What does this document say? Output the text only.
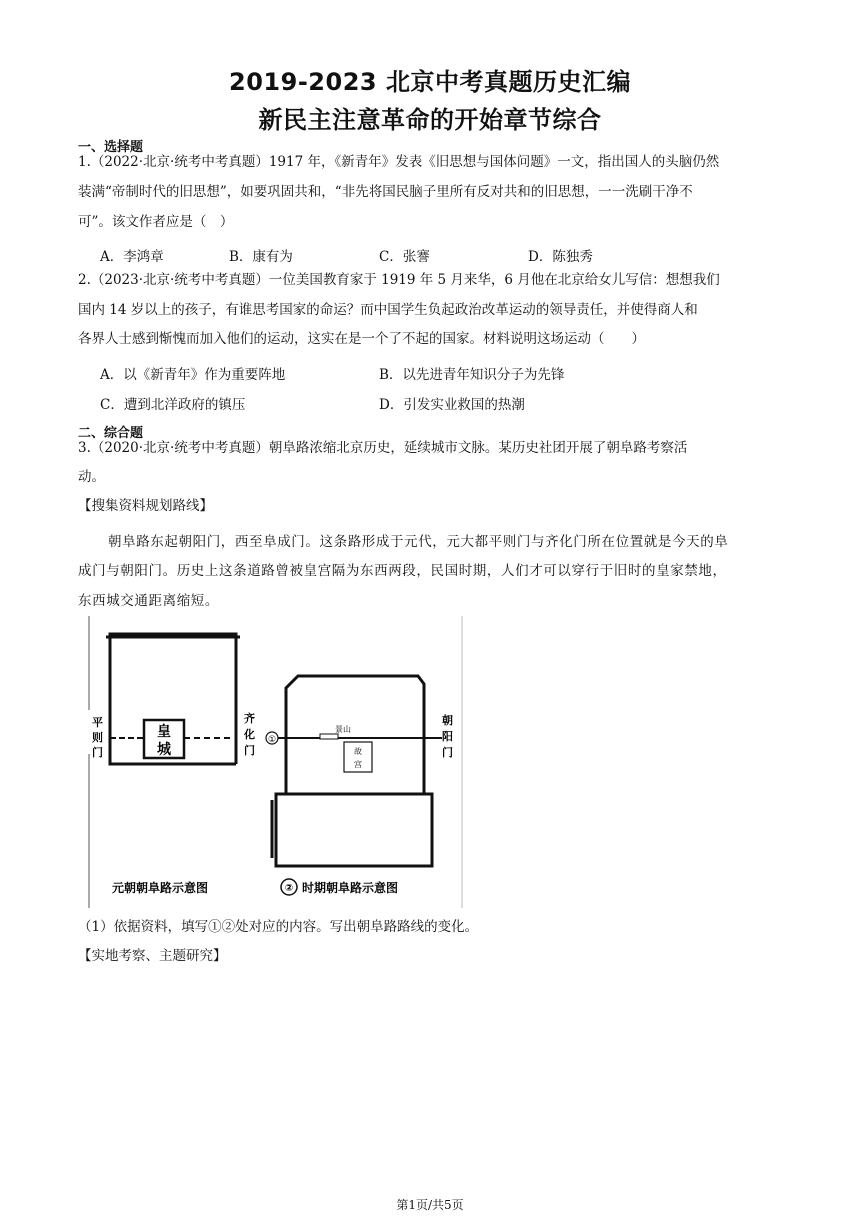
2019-2023 北京中考真题历史汇编
新民主注意革命的开始章节综合
一、选择题
1.（2022·北京·统考中考真题）1917 年，《新青年》发表《旧思想与国体问题》一文，指出国人的头脑仍然
装满“帝制时代的旧思想”，如要巩固共和，“非先将国民脑子里所有反对共和的旧思想，一一洗刷干净不
可”。该文作者应是（　）
A．李鸿章	B．康有为	C．张謇	D．陈独秀
2.（2023·北京·统考中考真题）一位美国教育家于 1919 年 5 月来华，6 月他在北京给女儿写信：想想我们
国内 14 岁以上的孩子，有谁思考国家的命运？而中国学生负起政治改革运动的领导责任，并使得商人和
各界人士感到惭愧而加入他们的运动，这实在是一个了不起的国家。材料说明这场运动（　　）
A．以《新青年》作为重要阵地	B．以先进青年知识分子为先锋
C．遭到北洋政府的镇压	D．引发实业救国的热潮
二、综合题
3.（2020·北京·统考中考真题）朝阜路浓缩北京历史，延续城市文脉。某历史社团开展了朝阜路考察活
动。
【搜集资料规划路线】
朝阜路东起朝阳门，西至阜成门。这条路形成于元代，元大都平则门与齐化门所在位置就是今天的阜
成门与朝阳门。历史上这条道路曾被皇宫隔为东西两段，民国时期，人们才可以穿行于旧时的皇家禁地，
东西城交通距离缩短。
皇
城
平
则
门
齐
化
门
①
景山
故
宫
朝
阳
门
元朝朝阜路示意图	② 时期朝阜路示意图
（1）依据资料，填写①②处对应的内容。写出朝阜路路线的变化。
【实地考察、主题研究】
第1页/共5页
